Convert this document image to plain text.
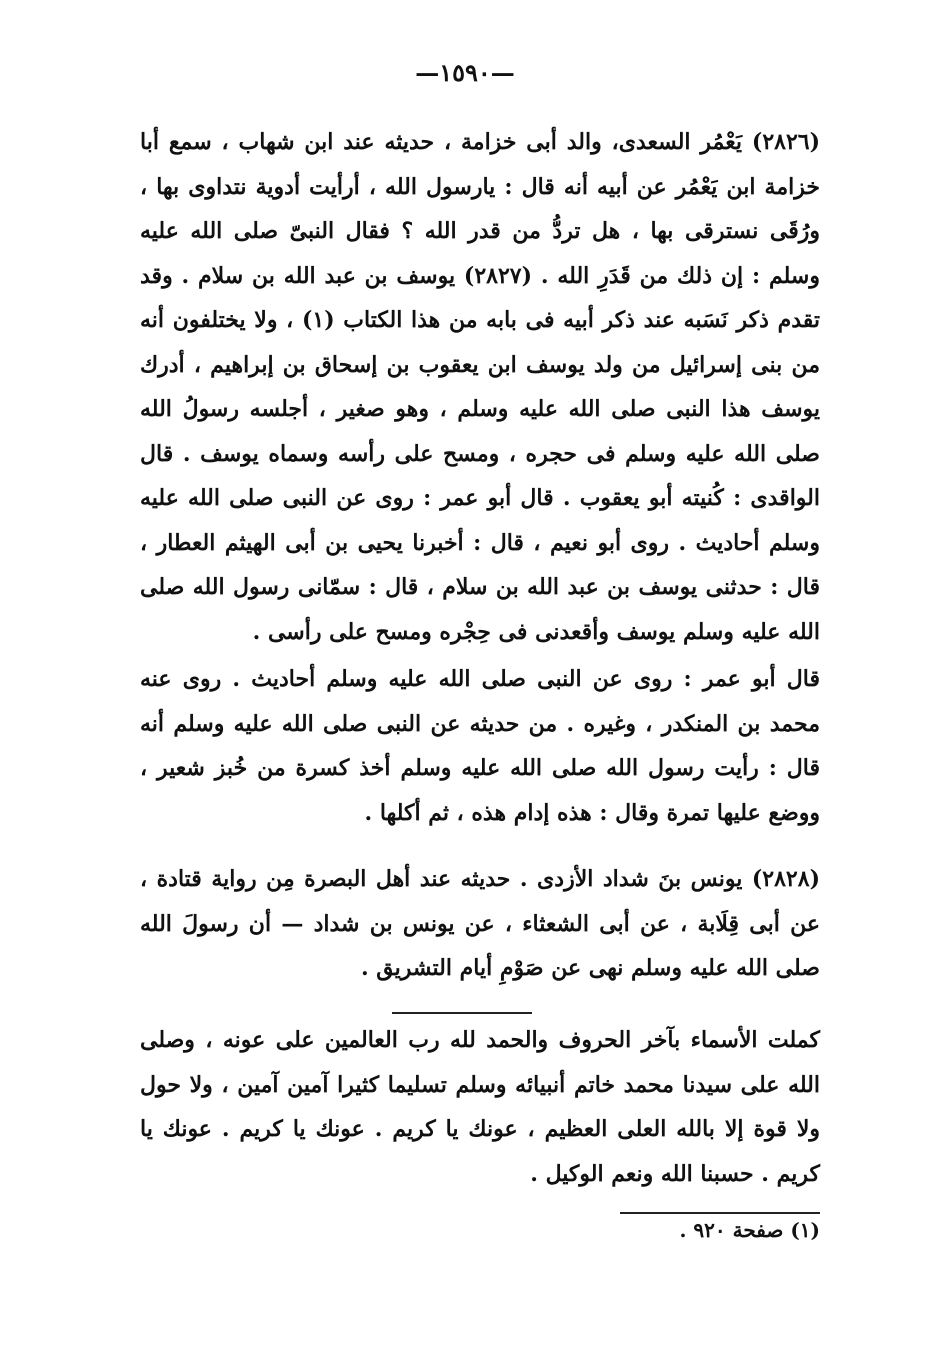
—١٥٩٠—

(٢٨٢٦) يَعْمُر السعدى، والد أبى خزامة ، حديثه عند ابن شهاب ، سمع أبا خزامة ابن يَعْمُر عن أبيه أنه قال : يارسول الله ، أرأيت أدوية نتداوى بها ، ورُقَى نسترقى بها ، هل تردُّ من قدر الله ؟ فقال النبىّ صلى الله عليه وسلم : إن ذلك من قَدَرِ الله . (٢٨٢٧) يوسف بن عبد الله بن سلام . وقد تقدم ذكر نَسَبه عند ذكر أبيه فى بابه من هذا الكتاب (١) ، ولا يختلفون أنه من بنى إسرائيل من ولد يوسف ابن يعقوب بن إسحاق بن إبراهيم ، أدرك يوسف هذا النبى صلى الله عليه وسلم ، وهو صغير ، أجلسه رسولُ الله صلى الله عليه وسلم فى حجره ، ومسح على رأسه وسماه يوسف . قال الواقدى : كُنيته أبو يعقوب . قال أبو عمر : روى عن النبى صلى الله عليه وسلم أحاديث . روى أبو نعيم ، قال : أخبرنا يحيى بن أبى الهيثم العطار ، قال : حدثنى يوسف بن عبد الله بن سلام ، قال : سمّانى رسول الله صلى الله عليه وسلم يوسف وأقعدنى فى حِجْره ومسح على رأسى .

قال أبو عمر : روى عن النبى صلى الله عليه وسلم أحاديث . روى عنه محمد بن المنكدر ، وغيره . من حديثه عن النبى صلى الله عليه وسلم أنه قال : رأيت رسول الله صلى الله عليه وسلم أخذ كسرة من خُبز شعير ، ووضع عليها تمرة وقال : هذه إدام هذه ، ثم أكلها .

(٢٨٢٨) يونس بنَ شداد الأزدى . حديثه عند أهل البصرة مِن رواية قتادة ، عن أبى قِلَابة ، عن أبى الشعثاء ، عن يونس بن شداد — أن رسولَ الله صلى الله عليه وسلم نهى عن صَوْمِ أيام التشريق .

كملت الأسماء بآخر الحروف والحمد لله رب العالمين على عونه ، وصلى الله على سيدنا محمد خاتم أنبيائه وسلم تسليما كثيرا آمين آمين ، ولا حول ولا قوة إلا بالله العلى العظيم ، عونك يا كريم . عونك يا كريم . عونك يا كريم . حسبنا الله ونعم الوكيل .

(١) صفحة ٩٢٠ .
